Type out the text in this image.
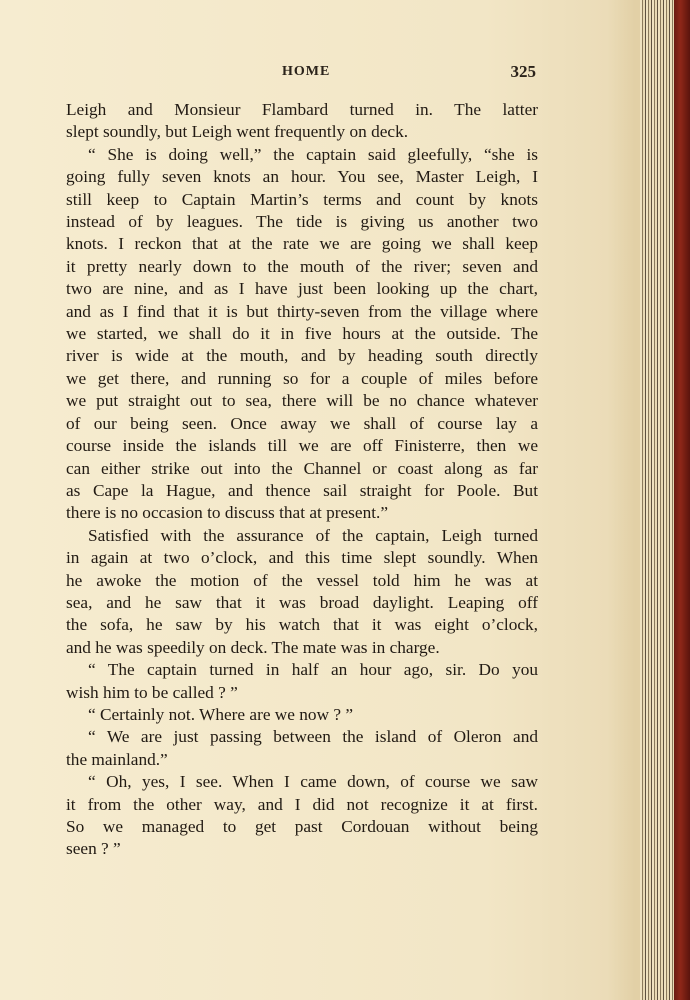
HOME	325
Leigh and Monsieur Flambard turned in. The latter
slept soundly, but Leigh went frequently on deck.
“ She is doing well,” the captain said gleefully, “she is
going fully seven knots an hour. You see, Master Leigh, I
still keep to Captain Martin’s terms and count by knots
instead of by leagues. The tide is giving us another two
knots. I reckon that at the rate we are going we shall keep
it pretty nearly down to the mouth of the river; seven and
two are nine, and as I have just been looking up the chart,
and as I find that it is but thirty-seven from the village where
we started, we shall do it in five hours at the outside. The
river is wide at the mouth, and by heading south directly
we get there, and running so for a couple of miles before
we put straight out to sea, there will be no chance whatever
of our being seen. Once away we shall of course lay a
course inside the islands till we are off Finisterre, then we
can either strike out into the Channel or coast along as far
as Cape la Hague, and thence sail straight for Poole. But
there is no occasion to discuss that at present.”
Satisfied with the assurance of the captain, Leigh turned
in again at two o’clock, and this time slept soundly. When
he awoke the motion of the vessel told him he was at
sea, and he saw that it was broad daylight. Leaping off
the sofa, he saw by his watch that it was eight o’clock,
and he was speedily on deck. The mate was in charge.
“ The captain turned in half an hour ago, sir. Do you
wish him to be called ? ”
“ Certainly not. Where are we now ? ”
“ We are just passing between the island of Oleron and
the mainland.”
“ Oh, yes, I see. When I came down, of course we saw
it from the other way, and I did not recognize it at first.
So we managed to get past Cordouan without being
seen ? ”
